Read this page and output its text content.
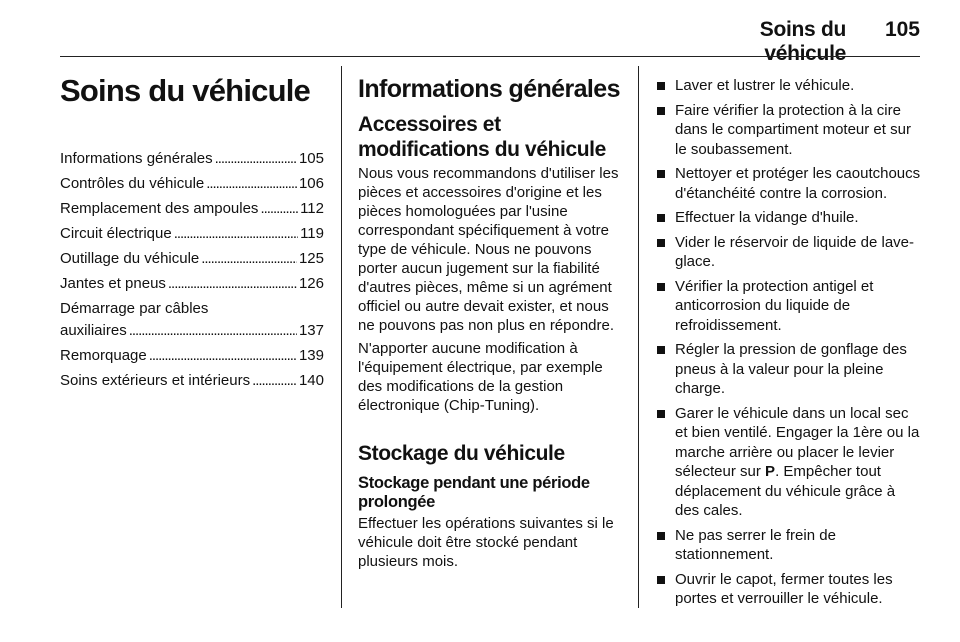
Soins du véhicule
105
Soins du véhicule
Informations générales . . .	105
Contrôles du véhicule . . .	106
Remplacement des ampoules . . .	112
Circuit électrique . . .	119
Outillage du véhicule . . .	125
Jantes et pneus . . .	126
Démarrage par câbles
auxiliaires . . .	137
Remorquage . . .	139
Soins extérieurs et intérieurs . . .	140
Informations générales
Accessoires et modifications du véhicule

Nous vous recommandons d'utiliser les pièces et accessoires d'origine et les pièces homologuées par l'usine correspondant spécifiquement à votre type de véhicule. Nous ne pouvons porter aucun jugement sur la fiabilité d'autres pièces, même si un agrément officiel ou autre devait exister, et nous ne pouvons pas non plus en répondre.

N'apporter aucune modification à l'équipement électrique, par exemple des modifications de la gestion électronique (Chip-Tuning).

Stockage du véhicule
Stockage pendant une période prolongée

Effectuer les opérations suivantes si le véhicule doit être stocké pendant plusieurs mois.

Laver et lustrer le véhicule.
Faire vérifier la protection à la cire dans le compartiment moteur et sur le soubassement.
Nettoyer et protéger les caoutchoucs d'étanchéité contre la corrosion.
Effectuer la vidange d'huile.
Vider le réservoir de liquide de lave-glace.
Vérifier la protection antigel et anticorrosion du liquide de refroidissement.
Régler la pression de gonflage des pneus à la valeur pour la pleine charge.
Garer le véhicule dans un local sec et bien ventilé. Engager la 1ère ou la marche arrière ou placer le levier sélecteur sur P. Empêcher tout déplacement du véhicule grâce à des cales.
Ne pas serrer le frein de stationnement.
Ouvrir le capot, fermer toutes les portes et verrouiller le véhicule.
